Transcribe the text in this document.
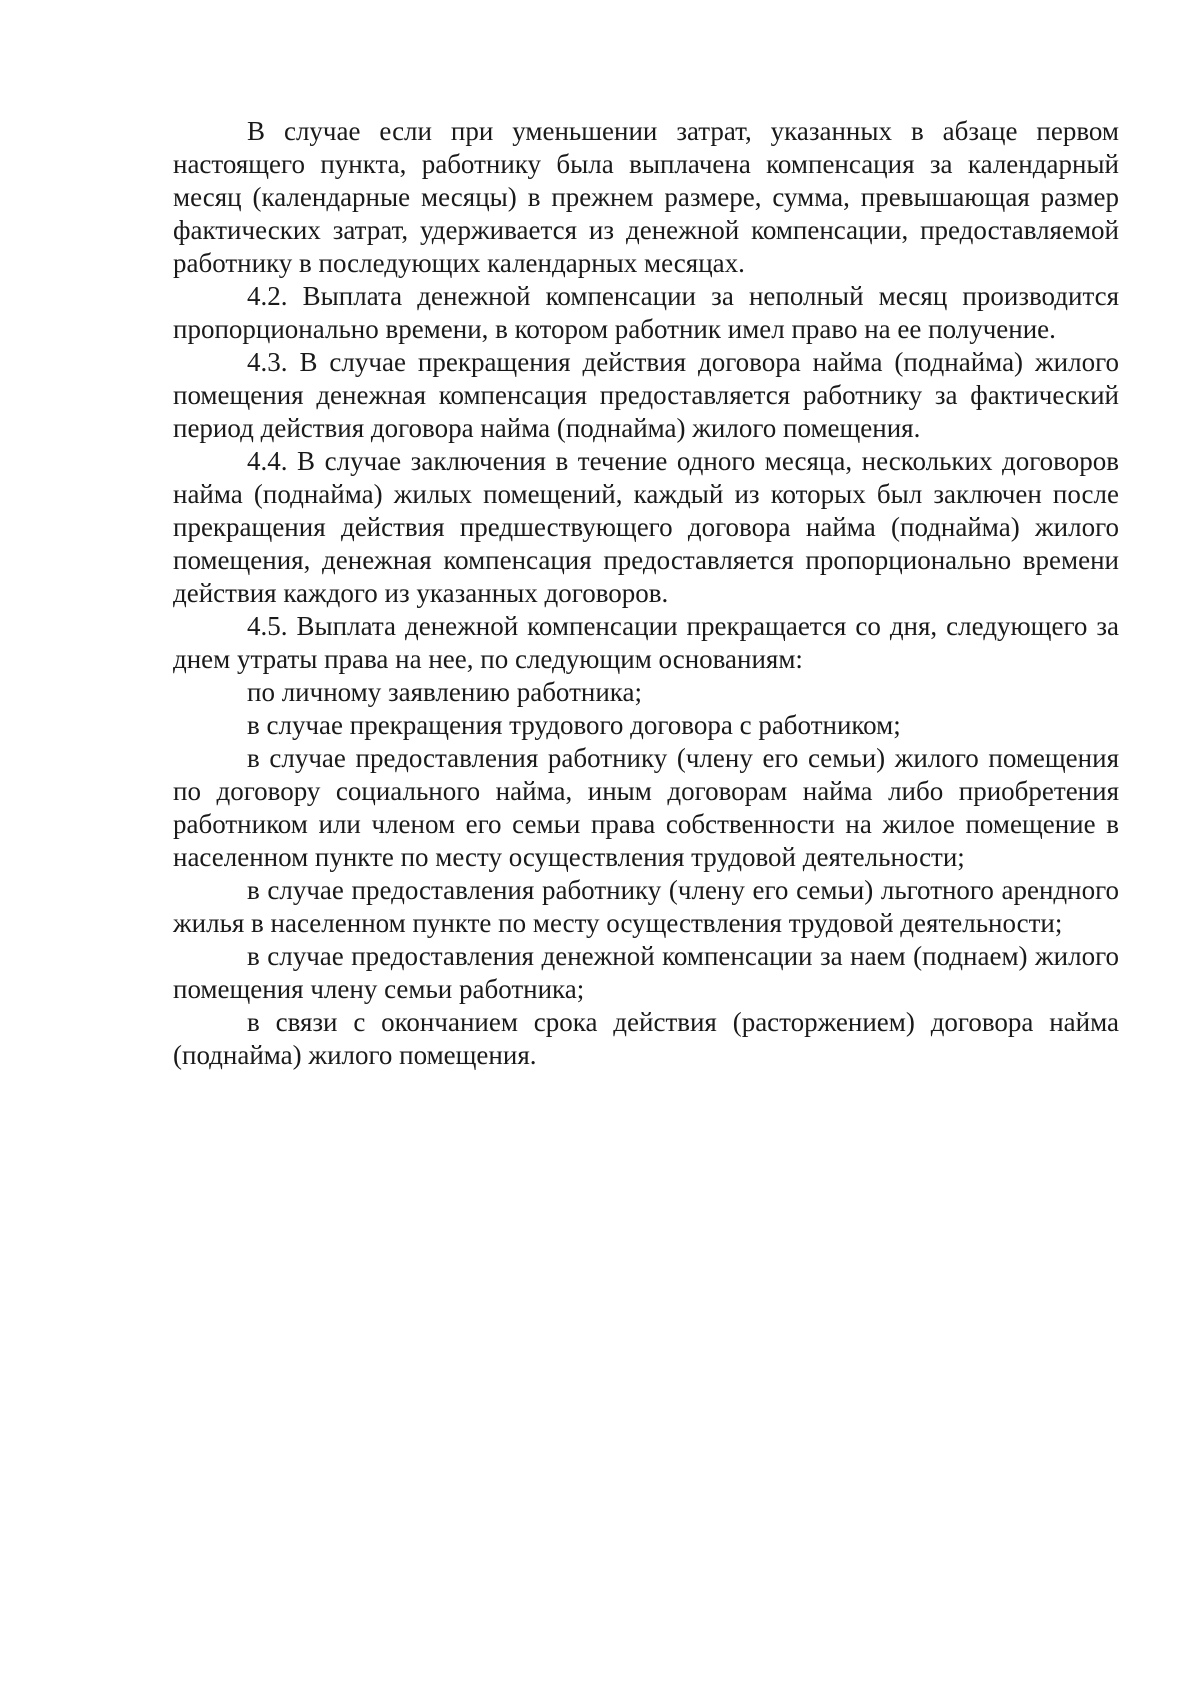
В случае если при уменьшении затрат, указанных в абзаце первом настоящего пункта, работнику была выплачена компенсация за календарный месяц (календарные месяцы) в прежнем размере, сумма, превышающая размер фактических затрат, удерживается из денежной компенсации, предоставляемой работнику в последующих календарных месяцах.

4.2. Выплата денежной компенсации за неполный месяц производится пропорционально времени, в котором работник имел право на ее получение.

4.3. В случае прекращения действия договора найма (поднайма) жилого помещения денежная компенсация предоставляется работнику за фактический период действия договора найма (поднайма) жилого помещения.

4.4. В случае заключения в течение одного месяца, нескольких договоров найма (поднайма) жилых помещений, каждый из которых был заключен после прекращения действия предшествующего договора найма (поднайма) жилого помещения, денежная компенсация предоставляется пропорционально времени действия каждого из указанных договоров.

4.5. Выплата денежной компенсации прекращается со дня, следующего за днем утраты права на нее, по следующим основаниям:

по личному заявлению работника;

в случае прекращения трудового договора с работником;

в случае предоставления работнику (члену его семьи) жилого помещения по договору социального найма, иным договорам найма либо приобретения работником или членом его семьи права собственности на жилое помещение в населенном пункте по месту осуществления трудовой деятельности;

в случае предоставления работнику (члену его семьи) льготного арендного жилья в населенном пункте по месту осуществления трудовой деятельности;

в случае предоставления денежной компенсации за наем (поднаем) жилого помещения члену семьи работника;

в связи с окончанием срока действия (расторжением) договора найма (поднайма) жилого помещения.
